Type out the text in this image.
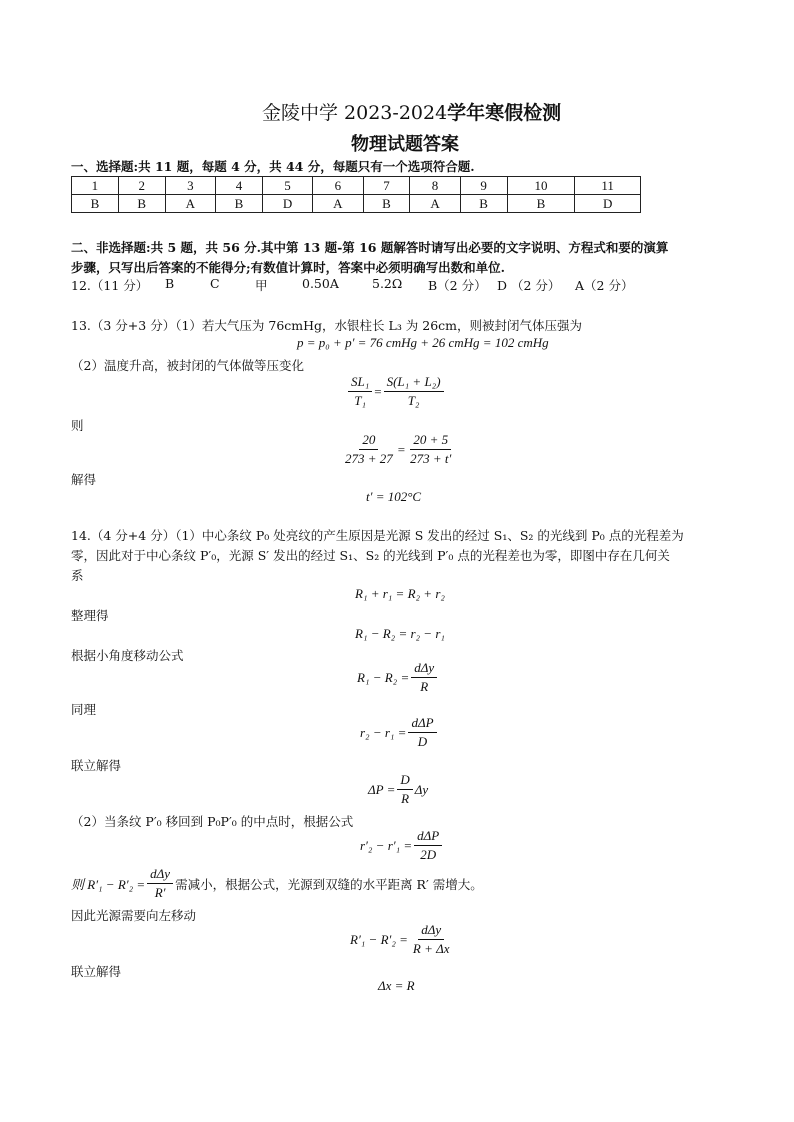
金陵中学 2023-2024学年寒假检测
物理试题答案
一、选择题:共 11 题，每题 4 分，共 44 分，每题只有一个选项符合题.
1	2	3	4	5	6	7	8	9	10	11
B	B	A	B	D	A	B	A	B	B	D
二、非选择题:共 5 题，共 56 分.其中第 13 题-第 16 题解答时请写出必要的文字说明、方程式和要的演算
步骤，只写出后答案的不能得分;有数值计算时，答案中必须明确写出数和单位.
12.（11 分） B	C	甲	0.50A	5.2Ω B（2 分） D （2 分） A（2 分）
13.（3 分+3 分）（1）若大气压为 76cmHg，水银柱长 L₃ 为 26cm，则被封闭气体压强为
p = p₀ + p′ = 76 cmHg + 26 cmHg = 102 cmHg
（2）温度升高，被封闭的气体做等压变化
$\frac{\text{SL₁}}{\text{T₁}} = \frac{\text{S(L₁ + L₂)}}{\text{T₂}}$
则
$\frac{20}{273 + 27} = \frac{20 + 5}{273 + t'}$
解得
t′ = 102°C
14.（4 分+4 分）（1）中心条纹 P₀ 处亮纹的产生原因是光源 S 发出的经过 S₁、S₂ 的光线到 P₀ 点的光程差为
零，因此对于中心条纹 P′₀，光源 S′ 发出的经过 S₁、S₂ 的光线到 P′₀ 点的光程差也为零，即图中存在几何关
系
R₁ + r₁ = R₂ + r₂
整理得
R₁ − R₂ = r₂ − r₁
根据小角度移动公式
$R_1 - R_2 = \frac{\text{dΔy}}{R}$
同理
$r_2 - r_1 = \frac{\text{dΔP}}{D}$
联立解得
$\Delta P = \frac{D}{R}$ Δy
（2）当条纹 P′₀ 移回到 P₀P′₀ 的中点时，根据公式
$r'_2 - r'_1 = \frac{\text{dΔP}}{2D}$
则 $R'_1 - R'_2 = \frac{\text{dΔy}}{R'}$ 需减小，根据公式，光源到双缝的水平距离 R′ 需增大。
因此光源需要向左移动
$R'_1 - R'_2 = \frac{\text{dΔy}}{R + \Delta x}$
联立解得
Δx = R
